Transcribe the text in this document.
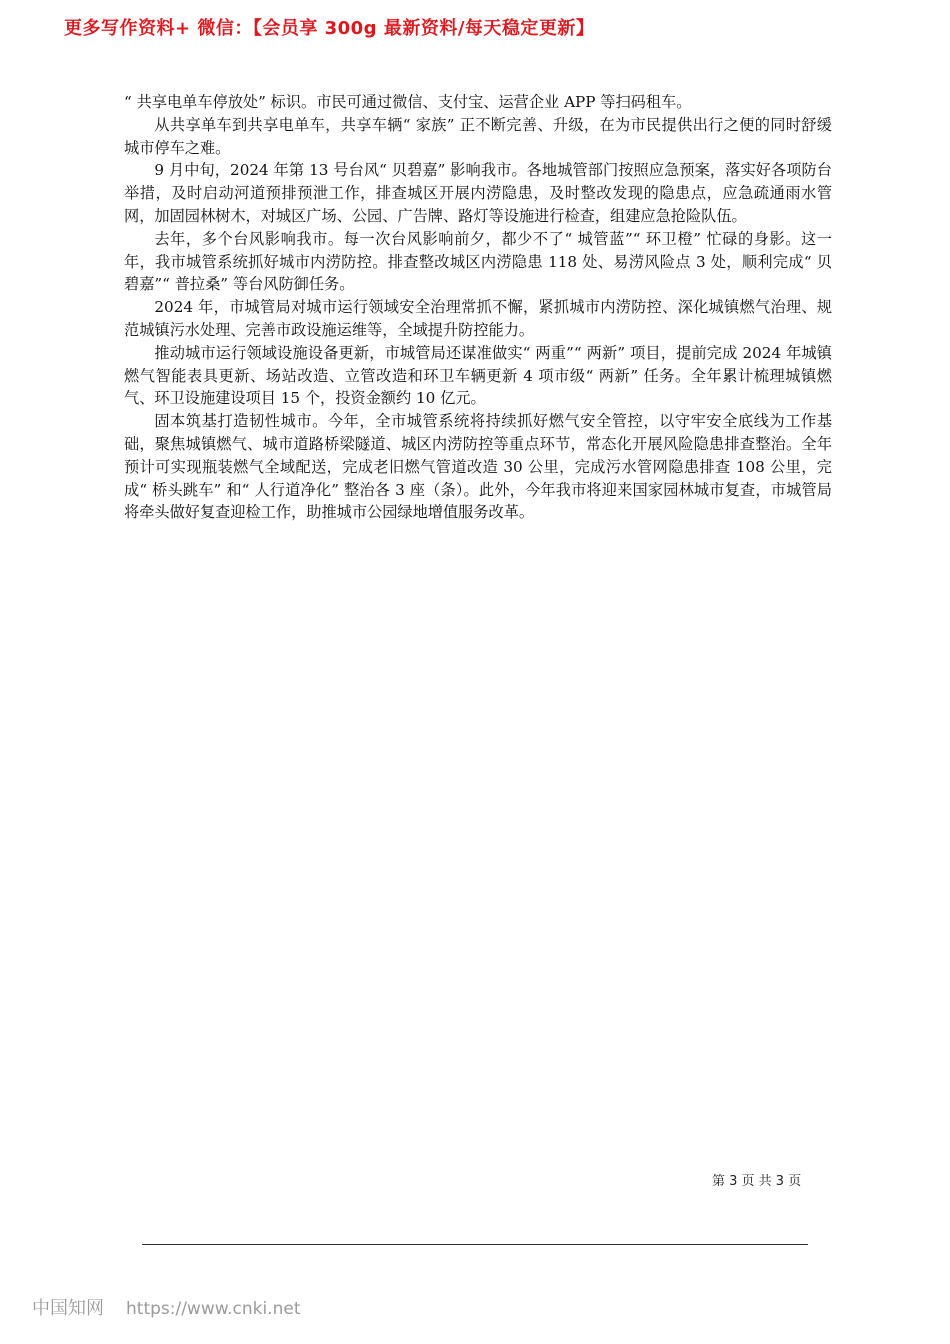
更多写作资料+ 微信：【会员享 300g 最新资料/每天稳定更新】

“ 共享电单车停放处” 标识。市民可通过微信、支付宝、运营企业 APP 等扫码租车。

从共享单车到共享电单车，共享车辆“ 家族” 正不断完善、升级，在为市民提供出行之便的同时舒缓城市停车之难。

9 月中旬，2024 年第 13 号台风“ 贝碧嘉” 影响我市。各地城管部门按照应急预案，落实好各项防台举措，及时启动河道预排预泄工作，排查城区开展内涝隐患，及时整改发现的隐患点，应急疏通雨水管网，加固园林树木，对城区广场、公园、广告牌、路灯等设施进行检查，组建应急抢险队伍。

去年，多个台风影响我市。每一次台风影响前夕，都少不了“ 城管蓝”“ 环卫橙” 忙碌的身影。这一年，我市城管系统抓好城市内涝防控。排查整改城区内涝隐患 118 处、易涝风险点 3 处，顺利完成“ 贝碧嘉”“ 普拉桑” 等台风防御任务。

2024 年，市城管局对城市运行领域安全治理常抓不懈，紧抓城市内涝防控、深化城镇燃气治理、规范城镇污水处理、完善市政设施运维等，全域提升防控能力。

推动城市运行领域设施设备更新，市城管局还谋准做实“ 两重”“ 两新” 项目，提前完成 2024 年城镇燃气智能表具更新、场站改造、立管改造和环卫车辆更新 4 项市级“ 两新” 任务。全年累计梳理城镇燃气、环卫设施建设项目 15 个，投资金额约 10 亿元。

固本筑基打造韧性城市。今年，全市城管系统将持续抓好燃气安全管控，以守牢安全底线为工作基础，聚焦城镇燃气、城市道路桥梁隧道、城区内涝防控等重点环节，常态化开展风险隐患排查整治。全年预计可实现瓶装燃气全域配送，完成老旧燃气管道改造 30 公里，完成污水管网隐患排查 108 公里，完成“ 桥头跳车” 和“ 人行道净化” 整治各 3 座（条）。此外，今年我市将迎来国家园林城市复查，市城管局将牵头做好复查迎检工作，助推城市公园绿地增值服务改革。

第 3 页 共 3 页
中国知网 https://www.cnki.net
